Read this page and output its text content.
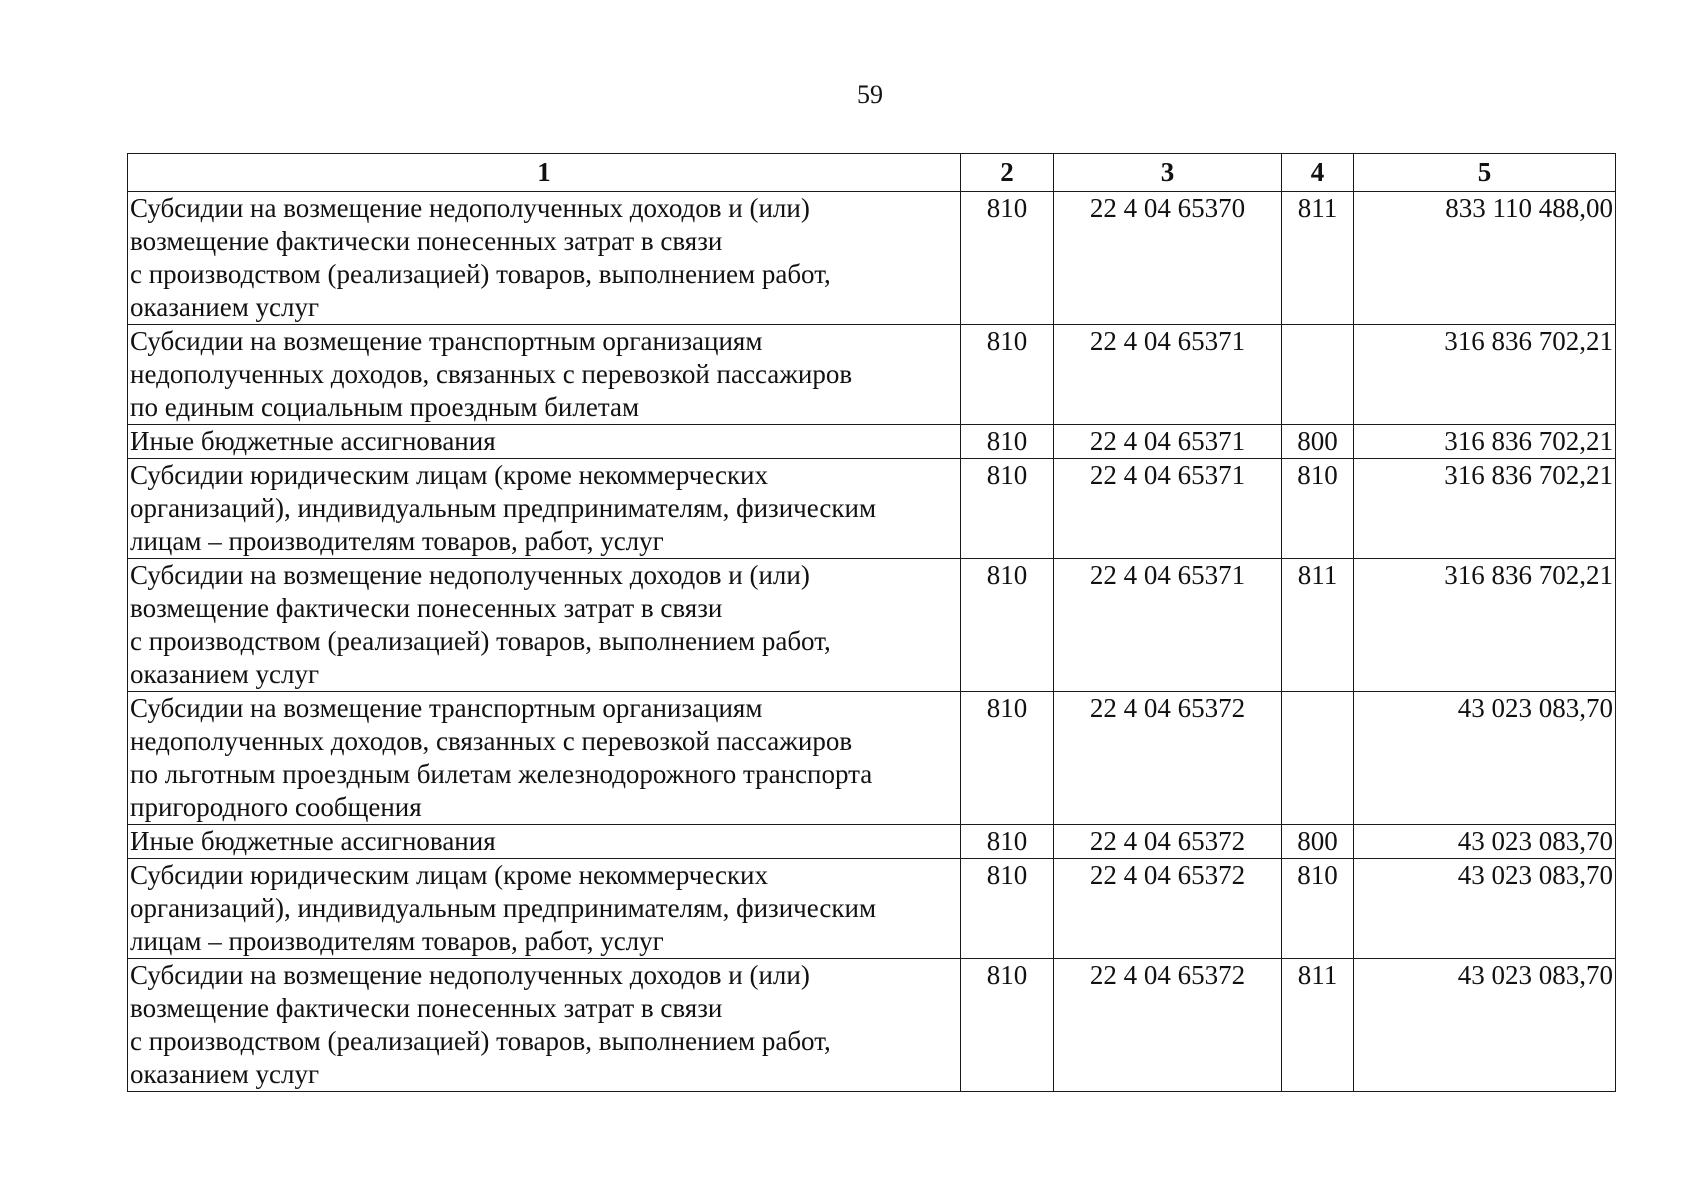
59
1	2	3	4	5

Субсидии на возмещение недополученных доходов и (или)
возмещение фактически понесенных затрат в связи
с производством (реализацией) товаров, выполнением работ,
оказанием услуг	810	22 4 04 65370	811	833 110 488,00

Субсидии на возмещение транспортным организациям
недополученных доходов, связанных с перевозкой пассажиров
по единым социальным проездным билетам	810	22 4 04 65371		316 836 702,21

Иные бюджетные ассигнования	810	22 4 04 65371	800	316 836 702,21

Субсидии юридическим лицам (кроме некоммерческих
организаций), индивидуальным предпринимателям, физическим
лицам – производителям товаров, работ, услуг	810	22 4 04 65371	810	316 836 702,21

Субсидии на возмещение недополученных доходов и (или)
возмещение фактически понесенных затрат в связи
с производством (реализацией) товаров, выполнением работ,
оказанием услуг	810	22 4 04 65371	811	316 836 702,21

Субсидии на возмещение транспортным организациям
недополученных доходов, связанных с перевозкой пассажиров
по льготным проездным билетам железнодорожного транспорта
пригородного сообщения	810	22 4 04 65372		43 023 083,70

Иные бюджетные ассигнования	810	22 4 04 65372	800	43 023 083,70

Субсидии юридическим лицам (кроме некоммерческих
организаций), индивидуальным предпринимателям, физическим
лицам – производителям товаров, работ, услуг	810	22 4 04 65372	810	43 023 083,70

Субсидии на возмещение недополученных доходов и (или)
возмещение фактически понесенных затрат в связи
с производством (реализацией) товаров, выполнением работ,
оказанием услуг	810	22 4 04 65372	811	43 023 083,70
